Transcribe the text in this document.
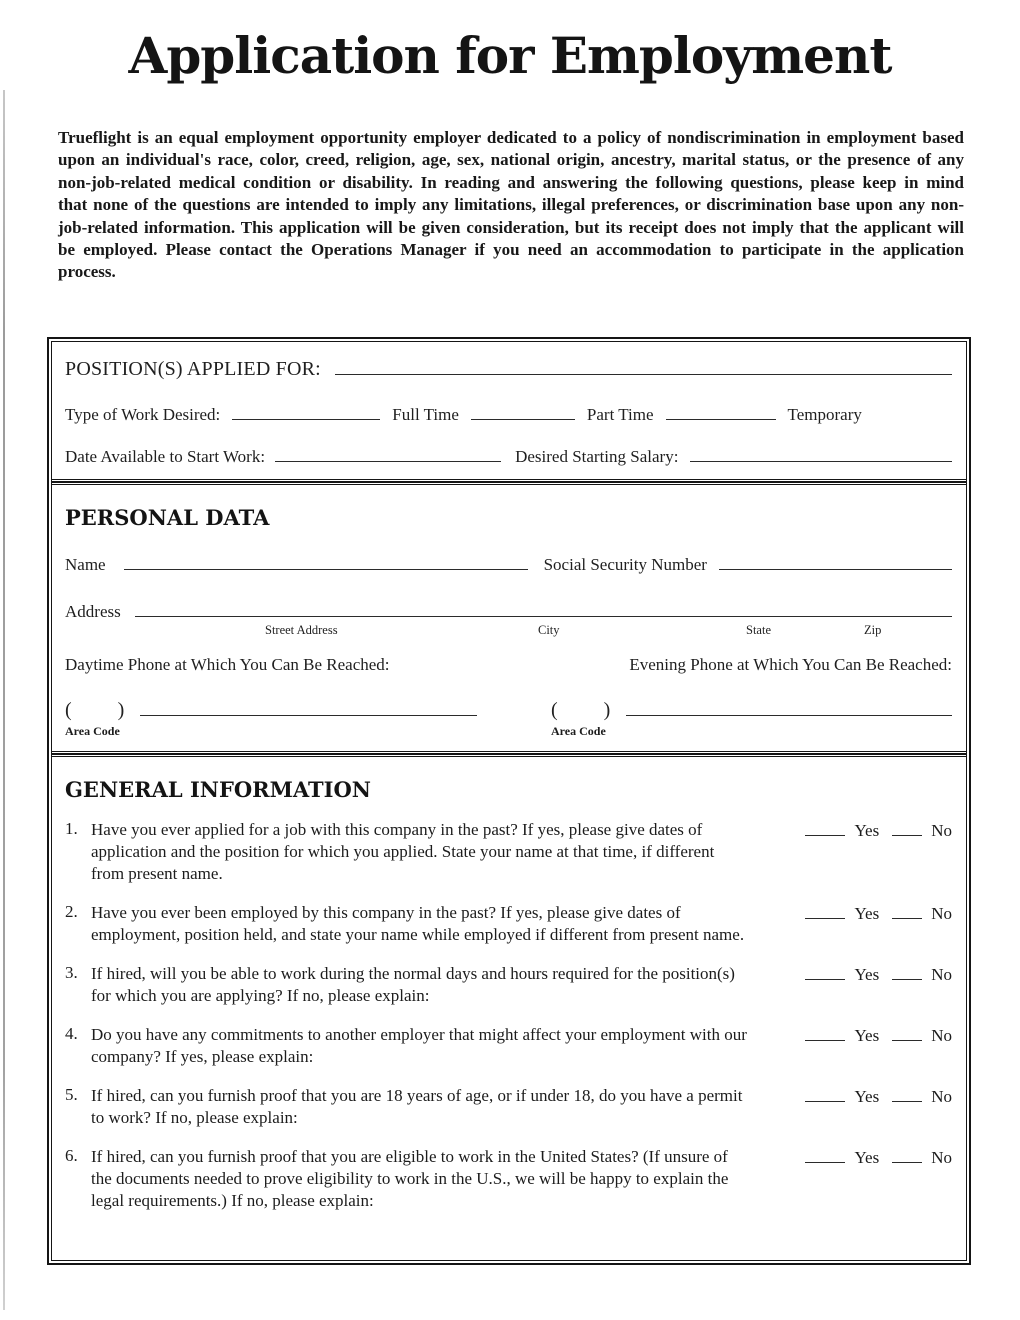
Application for Employment

Trueflight is an equal employment opportunity employer dedicated to a policy of nondiscrimination in employment based upon an individual's race, color, creed, religion, age, sex, national origin, ancestry, marital status, or the presence of any non-job-related medical condition or disability. In reading and answering the following questions, please keep in mind that none of the questions are intended to imply any limitations, illegal preferences, or discrimination base upon any non-job-related information. This application will be given consideration, but its receipt does not imply that the applicant will be employed. Please contact the Operations Manager if you need an accommodation to participate in the application process.

POSITION(S) APPLIED FOR:
Type of Work Desired:	Full Time	Part Time	Temporary
Date Available to Start Work:	Desired Starting Salary:
PERSONAL DATA
Name	Social Security Number
Address
Street Address	City	State	Zip
Daytime Phone at Which You Can Be Reached:	Evening Phone at Which You Can Be Reached:
( )	( )
Area Code	Area Code
GENERAL INFORMATION
1. Have you ever applied for a job with this company in the past? If yes, please give dates of application and the position for which you applied. State your name at that time, if different from present name.
Yes	No
2. Have you ever been employed by this company in the past? If yes, please give dates of employment, position held, and state your name while employed if different from present name.
Yes	No
3. If hired, will you be able to work during the normal days and hours required for the position(s) for which you are applying? If no, please explain:
Yes	No
4. Do you have any commitments to another employer that might affect your employment with our company? If yes, please explain:
Yes	No
5. If hired, can you furnish proof that you are 18 years of age, or if under 18, do you have a permit to work? If no, please explain:
Yes	No
6. If hired, can you furnish proof that you are eligible to work in the United States? (If unsure of the documents needed to prove eligibility to work in the U.S., we will be happy to explain the legal requirements.) If no, please explain:
Yes	No
